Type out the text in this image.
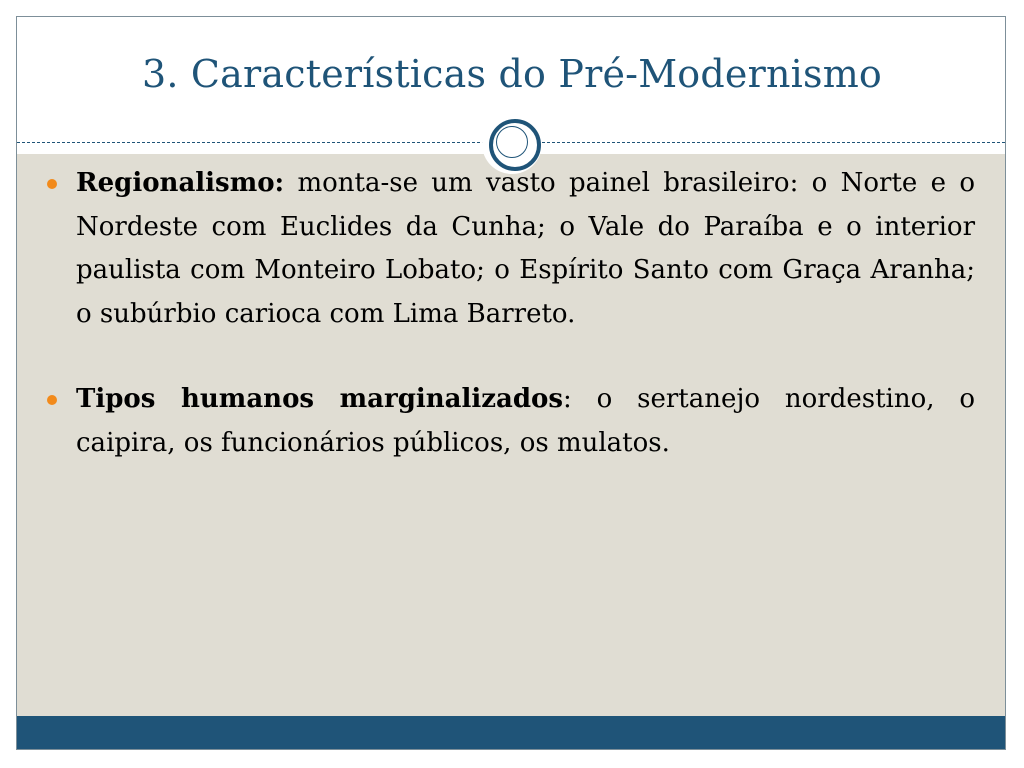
3. Características do Pré-Modernismo
Regionalismo: monta-se um vasto painel brasileiro: o Norte e o Nordeste com Euclides da Cunha; o Vale do Paraíba e o interior paulista com Monteiro Lobato; o Espírito Santo com Graça Aranha; o subúrbio carioca com Lima Barreto.
Tipos humanos marginalizados: o sertanejo nordestino, o caipira, os funcionários públicos, os mulatos.
